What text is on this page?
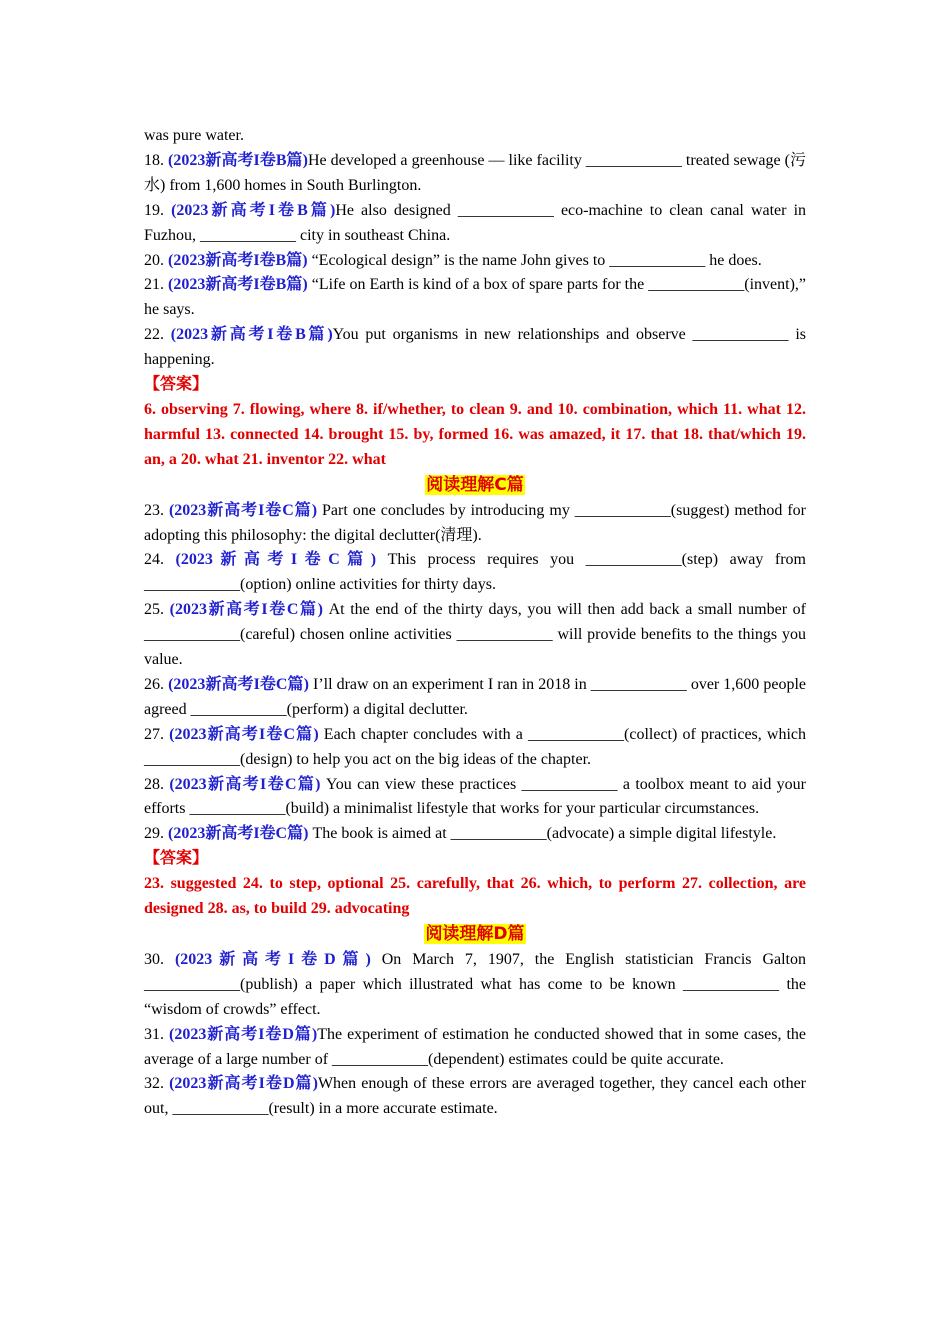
was pure water.

18. (2023新高考I卷B篇)He developed a greenhouse — like facility ____________ treated sewage (污水) from 1,600 homes in South Burlington.

19. (2023新高考I卷B篇)He also designed ____________ eco-machine to clean canal water in Fuzhou, ____________ city in southeast China.

20. (2023新高考I卷B篇) “Ecological design” is the name John gives to ____________ he does.

21. (2023新高考I卷B篇) “Life on Earth is kind of a box of spare parts for the ____________(invent),” he says.

22. (2023新高考I卷B篇)You put organisms in new relationships and observe ____________ is happening.

【答案】

6. observing 7. flowing, where 8. if/whether, to clean 9. and 10. combination, which 11. what 12. harmful 13. connected 14. brought 15. by, formed 16. was amazed, it 17. that 18. that/which 19. an, a 20. what 21. inventor 22. what

阅读理解C篇

23. (2023新高考I卷C篇) Part one concludes by introducing my ____________(suggest) method for adopting this philosophy: the digital declutter(清理).

24. (2023新高考I卷C篇) This process requires you ____________(step) away from ____________(option) online activities for thirty days.

25. (2023新高考I卷C篇) At the end of the thirty days, you will then add back a small number of ____________(careful) chosen online activities ____________ will provide benefits to the things you value.

26. (2023新高考I卷C篇) I’ll draw on an experiment I ran in 2018 in ____________ over 1,600 people agreed ____________(perform) a digital declutter.

27. (2023新高考I卷C篇) Each chapter concludes with a ____________(collect) of practices, which ____________(design) to help you act on the big ideas of the chapter.

28. (2023新高考I卷C篇) You can view these practices ____________ a toolbox meant to aid your efforts ____________(build) a minimalist lifestyle that works for your particular circumstances.

29. (2023新高考I卷C篇) The book is aimed at ____________(advocate) a simple digital lifestyle.

【答案】

23. suggested 24. to step, optional 25. carefully, that 26. which, to perform 27. collection, are designed 28. as, to build 29. advocating

阅读理解D篇

30. (2023新高考I卷D篇) On March 7, 1907, the English statistician Francis Galton ____________(publish) a paper which illustrated what has come to be known ____________ the “wisdom of crowds” effect.

31. (2023新高考I卷D篇)The experiment of estimation he conducted showed that in some cases, the average of a large number of ____________(dependent) estimates could be quite accurate.

32. (2023新高考I卷D篇)When enough of these errors are averaged together, they cancel each other out, ____________(result) in a more accurate estimate.
